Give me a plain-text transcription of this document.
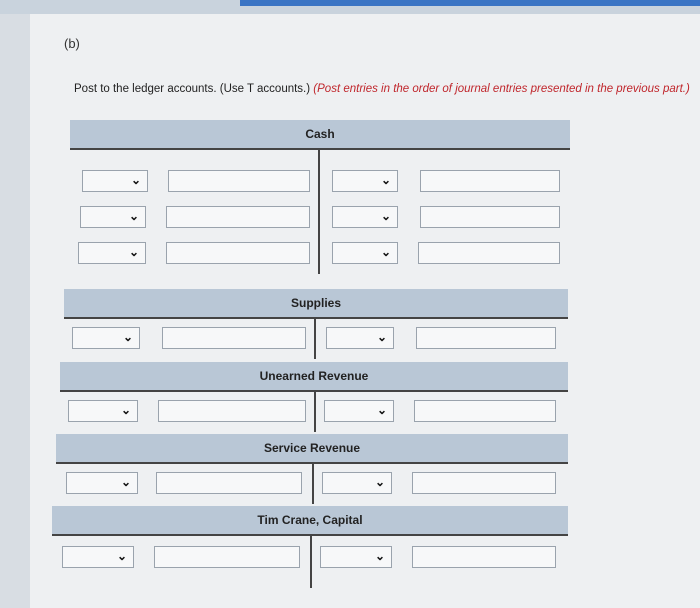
(b)
Post to the ledger accounts. (Use T accounts.) (Post entries in the order of journal entries presented in the previous part.)
Cash
⌄	⌄
⌄	⌄
⌄	⌄
Supplies
⌄	⌄
Unearned Revenue
⌄	⌄
Service Revenue
⌄	⌄
Tim Crane, Capital
⌄	⌄
